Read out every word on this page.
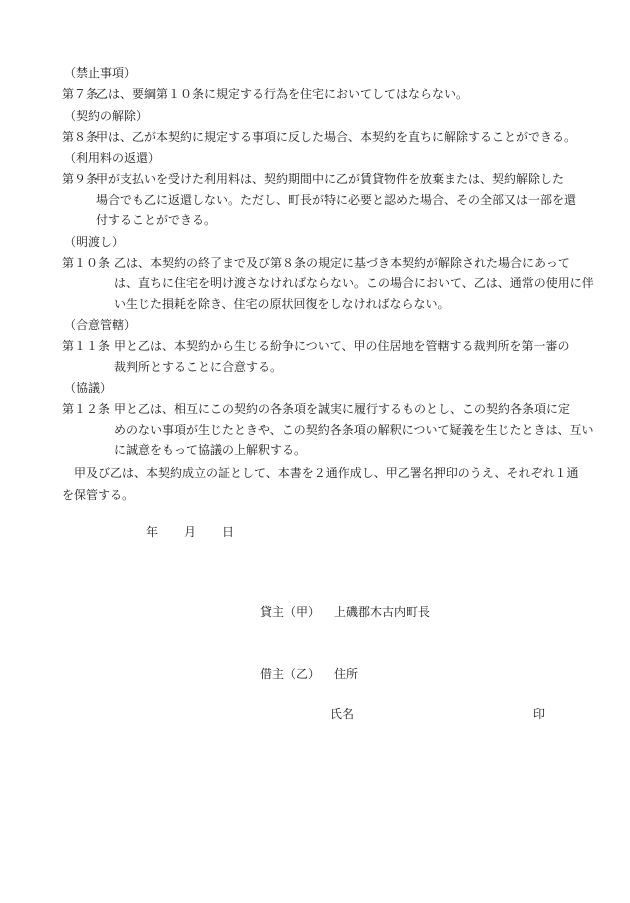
（禁止事項）
第７条
乙は、要綱第１０条に規定する行為を住宅においてしてはならない。
（契約の解除）
第８条
甲は、乙が本契約に規定する事項に反した場合、本契約を直ちに解除することができる。
（利用料の返還）
第９条
甲が支払いを受けた利用料は、契約期間中に乙が賃貸物件を放棄または、契約解除した
場合でも乙に返還しない。ただし、町長が特に必要と認めた場合、その全部又は一部を還
付することができる。
（明渡し）
第１０条 乙は、本契約の終了まで及び第８条の規定に基づき本契約が解除された場合にあって
は、直ちに住宅を明け渡さなければならない。この場合において、乙は、通常の使用に伴
い生じた損耗を除き、住宅の原状回復をしなければならない。
（合意管轄）
第１１条 甲と乙は、本契約から生じる紛争について、甲の住居地を管轄する裁判所を第一審の
裁判所とすることに合意する。
（協議）
第１２条 甲と乙は、相互にこの契約の各条項を誠実に履行するものとし、この契約各条項に定
めのない事項が生じたときや、この契約各条項の解釈について疑義を生じたときは、互い
に誠意をもって協議の上解釈する。
甲及び乙は、本契約成立の証として、本書を２通作成し、甲乙署名押印のうえ、それぞれ１通
を保管する。
年 月 日
貸主（甲） 上磯郡木古内町長
借主（乙） 住所
氏名	印
